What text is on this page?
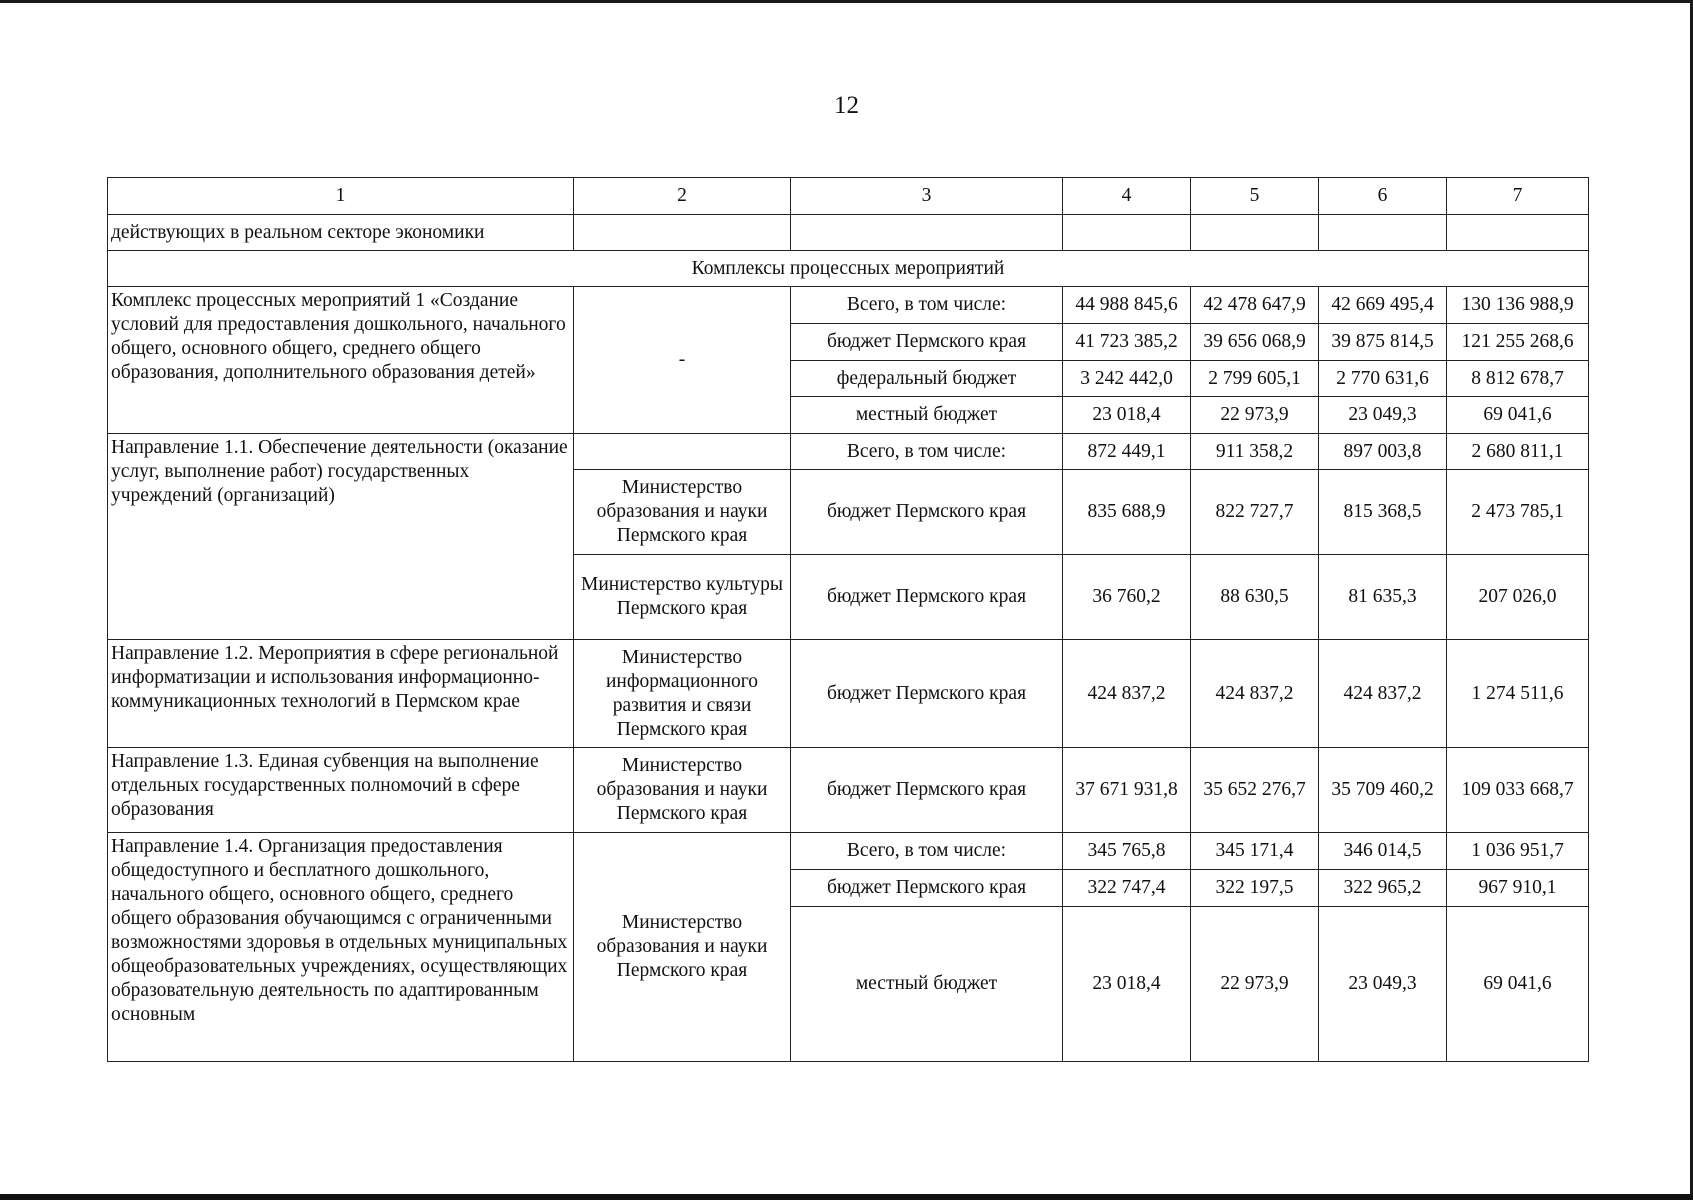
12
1	2	3	4	5	6	7
действующих в реальном секторе экономики						
Комплексы процессных мероприятий						
Комплекс процессных мероприятий 1 «Создание условий для предоставления дошкольного, начального общего, основного общего, среднего общего образования, дополнительного образования детей»	-	Всего, в том числе:	44 988 845,6	42 478 647,9	42 669 495,4	130 136 988,9
		бюджет Пермского края	41 723 385,2	39 656 068,9	39 875 814,5	121 255 268,6
		федеральный бюджет	3 242 442,0	2 799 605,1	2 770 631,6	8 812 678,7
		местный бюджет	23 018,4	22 973,9	23 049,3	69 041,6
Направление 1.1. Обеспечение деятельности (оказание услуг, выполнение работ) государственных учреждений (организаций)		Всего, в том числе:	872 449,1	911 358,2	897 003,8	2 680 811,1
	Министерство образования и науки Пермского края	бюджет Пермского края	835 688,9	822 727,7	815 368,5	2 473 785,1
	Министерство культуры Пермского края	бюджет Пермского края	36 760,2	88 630,5	81 635,3	207 026,0
Направление 1.2. Мероприятия в сфере региональной информатизации и использования информационно-коммуникационных технологий в Пермском крае	Министерство информационного развития и связи Пермского края	бюджет Пермского края	424 837,2	424 837,2	424 837,2	1 274 511,6
Направление 1.3. Единая субвенция на выполнение отдельных государственных полномочий в сфере образования	Министерство образования и науки Пермского края	бюджет Пермского края	37 671 931,8	35 652 276,7	35 709 460,2	109 033 668,7
Направление 1.4. Организация предоставления общедоступного и бесплатного дошкольного, начального общего, основного общего, среднего общего образования обучающимся с ограниченными возможностями здоровья в отдельных муниципальных общеобразовательных учреждениях, осуществляющих образовательную деятельность по адаптированным основным	Министерство образования и науки Пермского края	Всего, в том числе:	345 765,8	345 171,4	346 014,5	1 036 951,7
		бюджет Пермского края	322 747,4	322 197,5	322 965,2	967 910,1
		местный бюджет	23 018,4	22 973,9	23 049,3	69 041,6
